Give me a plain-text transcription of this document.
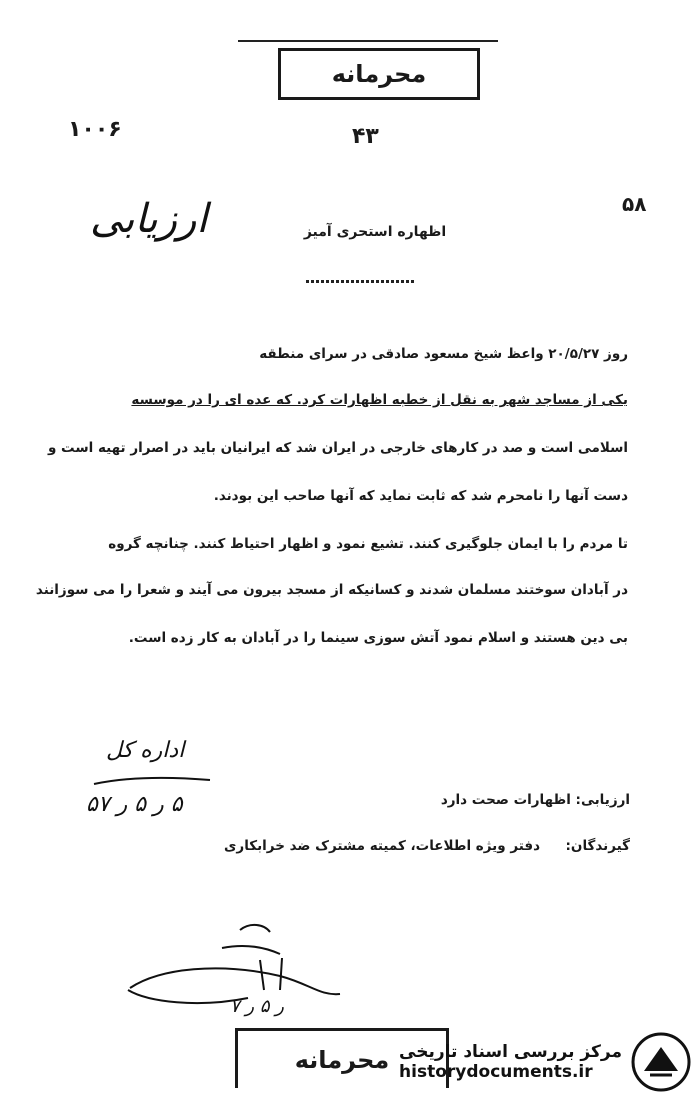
محرمانه
۱۰۰۶	۴۳
۵۸
ارزیابی	اظهاره استحری آمیز
روز ۲۰/۵/۲۷ واعظ شیخ مسعود صادقی در سرای منطقه
یکی از مساجد شهر به نقل از خطبه اظهارات کرد. که عده ای را در موسسه
اسلامی است و صد در کارهای خارجی در ایران شد که ایرانیان باید در اصرار تهیه است و
دست آنها را نامحرم شد که ثابت نماید که آنها صاحب این بودند.
تا مردم را با ایمان جلوگیری کنند. تشیع نمود و اظهار احتیاط کنند. چنانچه گروه
در آبادان سوختند مسلمان شدند و کسانیکه از مسجد بیرون می آیند و شعرا را می سوزانند
بی دین هستند و اسلام نمود آتش سوزی سینما را در آبادان به کار زده است.
اداره کل
۵ ر ۵ ر ۵۷	ارزیابی: اظهارات صحت دارد
گیرندگان:
دفتر ویژه اطلاعات، کمیته مشترک ضد خرابکاری
ر ۵ ر ۷
محرمانه مرکز بررسی اسناد تاریخی
historydocuments.ir
